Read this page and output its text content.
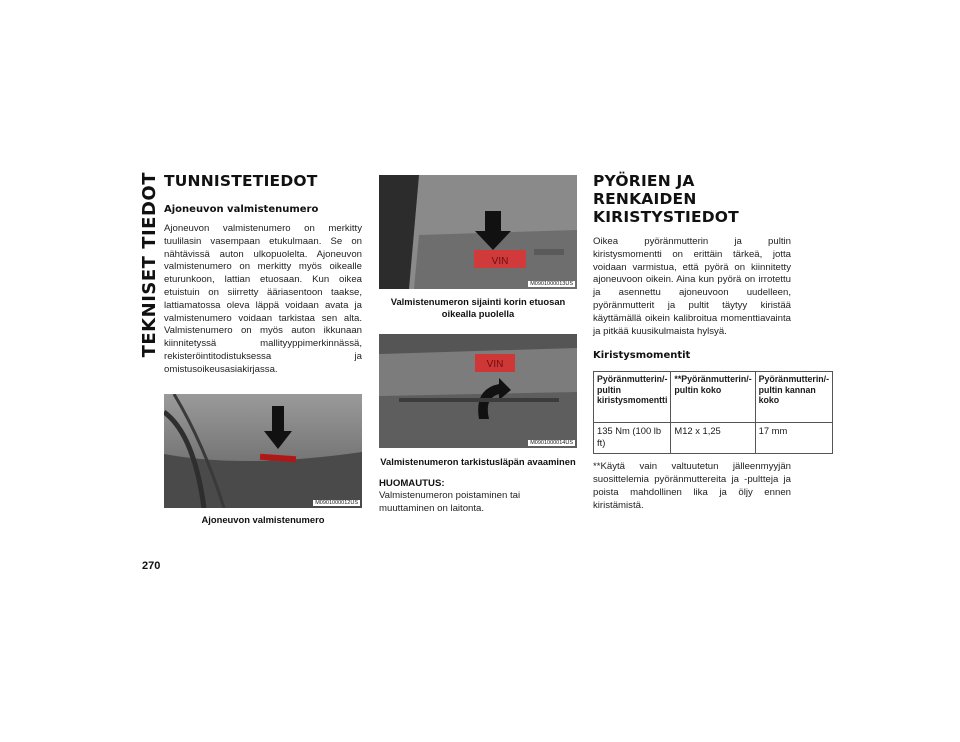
TEKNISET TIEDOT
270
TUNNISTETIEDOT
Ajoneuvon valmistenumero

Ajoneuvon valmistenumero on merkitty tuulilasin vasempaan etukulmaan. Se on nähtävissä auton ulkopuolelta. Ajoneuvon valmistenumero on merkitty myös oikealle eturunkoon, lattian etuosaan. Kun oikea etuistuin on siirretty ääriasentoon taakse, lattiamatossa oleva läppä voidaan avata ja valmistenumero voidaan tarkistaa sen alta. Valmistenumero on myös auton ikkunaan kiinnitetyssä mallityyppimerkinnässä, rekisteröintitodistuksessa ja omistusoikeusasiakirjassa.

M0901000012US

Ajoneuvon valmistenumero

VIN
M0901000013US

Valmistenumeron sijainti korin etuosan oikealla puolella

VIN
M0901000014US

Valmistenumeron tarkistusläpän avaaminen

HUOMAUTUS:

Valmistenumeron poistaminen tai muuttaminen on laitonta.

PYÖRIEN JA RENKAIDEN KIRISTYSTIEDOT

Oikea pyöränmutterin ja pultin kiristysmomentti on erittäin tärkeä, jotta voidaan varmistua, että pyörä on kiinnitetty ajoneuvoon oikein. Aina kun pyörä on irrotettu ja asennettu ajoneuvoon uudelleen, pyöränmutterit ja pultit täytyy kiristää käyttämällä oikein kalibroitua momenttiavainta ja pitkää kuusikulmaista hylsyä.

Kiristysmomentit
Pyöränmutterin/-pultin kiristysmomentti	**Pyöränmutterin/-pultin koko	Pyöränmutterin/-pultin kannan koko
135 Nm (100 lb ft)	M12 x 1,25	17 mm

**Käytä vain valtuutetun jälleenmyyjän suosittelemia pyöränmuttereita ja -pultteja ja poista mahdollinen lika ja öljy ennen kiristämistä.
